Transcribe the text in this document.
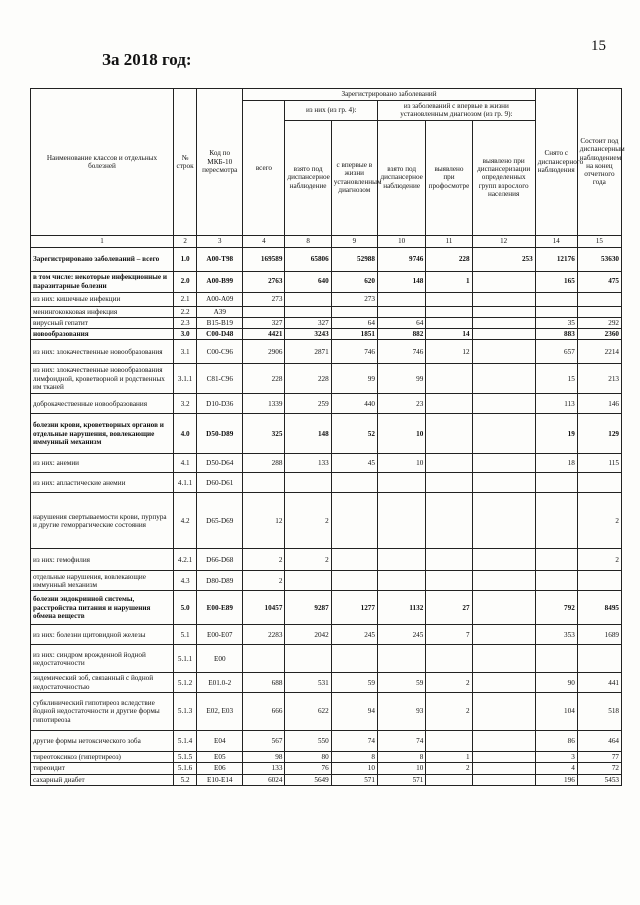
15
За 2018 год:
Наименование классов и отдельных болезней	№ строк	Код по МКБ-10 пересмотра	Зарегистрировано заболеваний						Снято с диспансерного наблюдения	Состоит под диспансерным наблюдением на конец отчетного года
			всего	из них (из гр. 4):		из заболеваний с впервые в жизни установленным диагнозом (из гр. 9):				
				взято под диспансерное наблюдение	с впервые в жизни установленным диагнозом	взято под диспансерное наблюдение	выявлено при профосмотре	выявлено при диспансеризации определенных групп взрослого населения		
1	2	3	4	8	9	10	11	12	14	15
Зарегистрировано заболеваний – всего	1.0	A00-T98	169589	65806	52988	9746	228	253	12176	53630
в том числе: некоторые инфекционные и паразитарные болезни	2.0	A00-B99	2763	640	620	148	1		165	475
из них: кишечные инфекции	2.1	A00-A09	273		273					
менингококковая инфекция	2.2	A39								
вирусный гепатит	2.3	B15-B19	327	327	64	64			35	292
новообразования	3.0	C00-D48	4421	3243	1851	882	14		883	2360
из них: злокачественные новообразования	3.1	C00-C96	2906	2871	746	746	12		657	2214
из них: злокачественные новообразования лимфоидной, кроветворной и родственных им тканей	3.1.1	C81-C96	228	228	99	99			15	213
доброкачественные новообразования	3.2	D10-D36	1339	259	440	23			113	146
болезни крови, кроветворных органов и отдельные нарушения, вовлекающие иммунный механизм	4.0	D50-D89	325	148	52	10			19	129
из них: анемии	4.1	D50-D64	288	133	45	10			18	115
из них: апластические анемии	4.1.1	D60-D61								
нарушения свертываемости крови, пурпура и другие геморрагические состояния	4.2	D65-D69	12	2						2
из них: гемофилия	4.2.1	D66-D68	2	2						2
отдельные нарушения, вовлекающие иммунный механизм	4.3	D80-D89	2							
болезни эндокринной системы, расстройства питания и нарушения обмена веществ	5.0	E00-E89	10457	9287	1277	1132	27		792	8495
из них: болезни щитовидной железы	5.1	E00-E07	2283	2042	245	245	7		353	1689
из них: синдром врожденной йодной недостаточности	5.1.1	E00								
эндемический зоб, связанный с йодной недостаточностью	5.1.2	E01.0-2	688	531	59	59	2		90	441
субклинический гипотиреоз вследствие йодной недостаточности и другие формы гипотиреоза	5.1.3	E02, E03	666	622	94	93	2		104	518
другие формы нетоксического зоба	5.1.4	E04	567	550	74	74			86	464
тиреотоксикоз (гипертиреоз)	5.1.5	E05	98	80	8	8	1		3	77
тиреоидит	5.1.6	E06	133	76	10	10	2		4	72
сахарный диабет	5.2	E10-E14	6024	5649	571	571			196	5453
